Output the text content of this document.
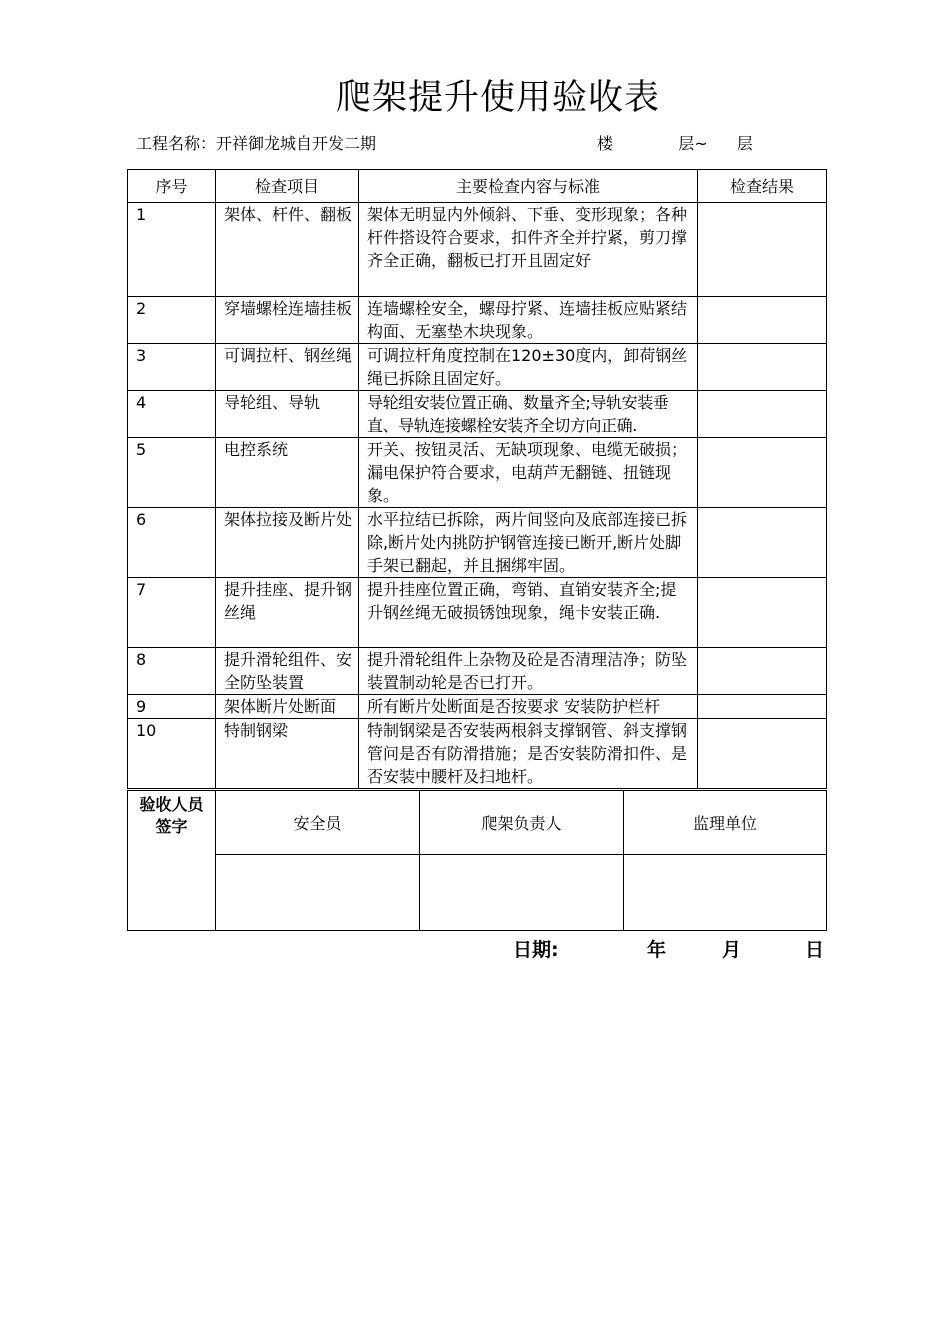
爬架提升使用验收表
工程名称：开祥御龙城自开发二期	楼	层~ 层
序号	检查项目	主要检查内容与标准	检查结果
1	架体、杆件、翻板	架体无明显内外倾斜、下垂、变形现象；各种杆件搭设符合要求，扣件齐全并拧紧，剪刀撑齐全正确，翻板已打开且固定好	
2	穿墙螺栓连墙挂板	连墙螺栓安全，螺母拧紧、连墙挂板应贴紧结构面、无塞垫木块现象。	
3	可调拉杆、钢丝绳	可调拉杆角度控制在120±30度内，卸荷钢丝绳已拆除且固定好。	
4	导轮组、导轨	导轮组安装位置正确、数量齐全;导轨安装垂直、导轨连接螺栓安装齐全切方向正确.	
5	电控系统	开关、按钮灵活、无缺项现象、电缆无破损；漏电保护符合要求，电葫芦无翻链、扭链现象。	
6	架体拉接及断片处	水平拉结已拆除，两片间竖向及底部连接已拆除,断片处内挑防护钢管连接已断开,断片处脚手架已翻起，并且捆绑牢固。	
7	提升挂座、提升钢丝绳	提升挂座位置正确，弯销、直销安装齐全;提升钢丝绳无破损锈蚀现象，绳卡安装正确.	
8	提升滑轮组件、安全防坠装置	提升滑轮组件上杂物及砼是否清理洁净；防坠装置制动轮是否已打开。	
9	架体断片处断面	所有断片处断面是否按要求 安装防护栏杆	
10	特制钢梁	特制钢梁是否安装两根斜支撑钢管、斜支撑钢管问是否有防滑措施；是否安装防滑扣件、是否安装中腰杆及扫地杆。	
验收人员签字	安全员	爬架负责人	监理单位

日期:	年	月	日
